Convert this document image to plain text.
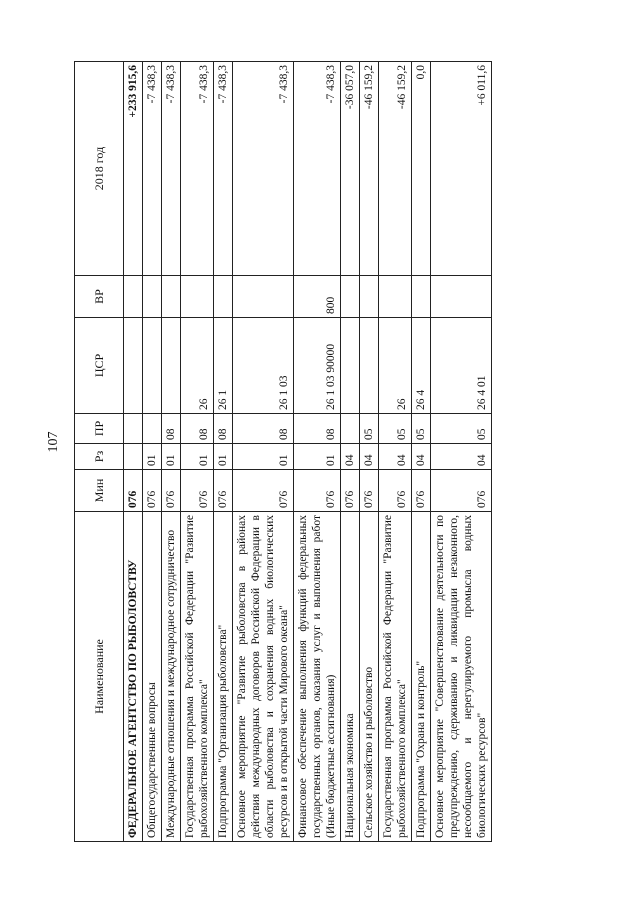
107
Наименование	Мин	Рз	ПР	ЦСР	ВР	2018 год
ФЕДЕРАЛЬНОЕ АГЕНТСТВО ПО РЫБОЛОВСТВУ	076					+233 915,6
Общегосударственные вопросы	076	01				-7 438,3
Международные отношения и международное сотрудничество	076	01	08			-7 438,3
Государственная программа Российской Федерации "Развитие рыбохозяйственного комплекса"	076	01	08	26		-7 438,3
Подпрограмма "Организация рыболовства"	076	01	08	26 1		-7 438,3
Основное мероприятие "Развитие рыболовства в районах действия международных договоров Российской Федерации в области рыболовства и сохранения водных биологических ресурсов и в открытой части Мирового океана"	076	01	08	26 1 03		-7 438,3
Финансовое обеспечение выполнения функций федеральных государственных органов, оказания услуг и выполнения работ (Иные бюджетные ассигнования)	076	01	08	26 1 03 90000	800	-7 438,3
Национальная экономика	076	04				-36 057,0
Сельское хозяйство и рыболовство	076	04	05			-46 159,2
Государственная программа Российской Федерации "Развитие рыбохозяйственного комплекса"	076	04	05	26		-46 159,2
Подпрограмма "Охрана и контроль"	076	04	05	26 4		0,0
Основное мероприятие "Совершенствование деятельности по предупреждению, сдерживанию и ликвидации незаконного, несообщаемого и нерегулируемого промысла водных биологических ресурсов"	076	04	05	26 4 01		+6 011,6
